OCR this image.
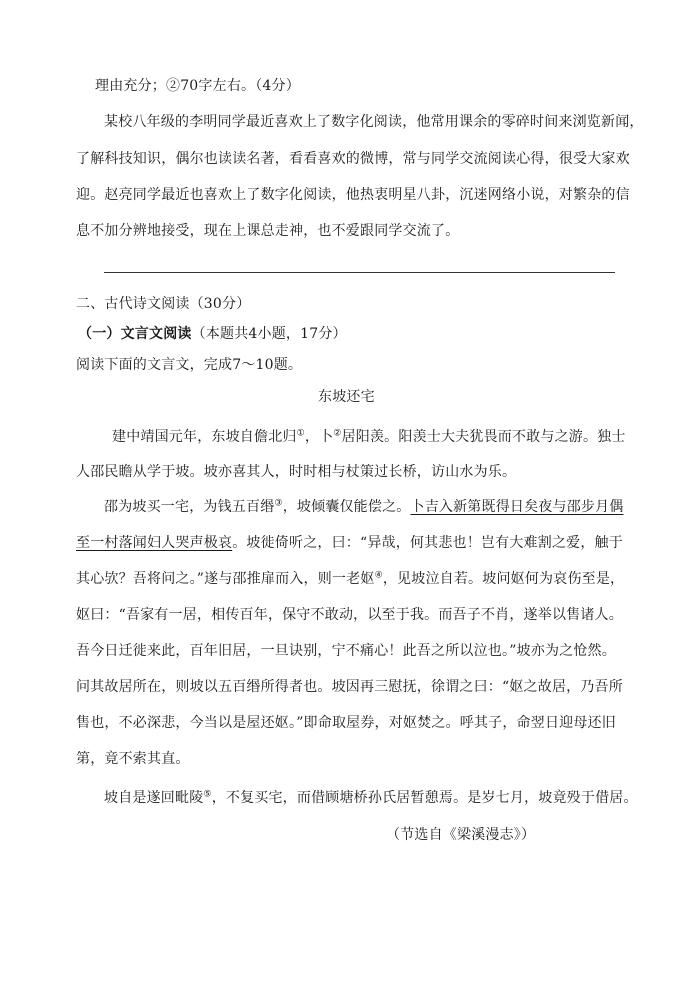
理由充分；②70字左右。（4分）
某校八年级的李明同学最近喜欢上了数字化阅读，他常用课余的零碎时间来浏览新闻，
了解科技知识，偶尔也读读名著，看看喜欢的微博，常与同学交流阅读心得，很受大家欢
迎。赵亮同学最近也喜欢上了数字化阅读，他热衷明星八卦，沉迷网络小说，对繁杂的信
息不加分辨地接受，现在上课总走神，也不爱跟同学交流了。
二、古代诗文阅读（30分）
（一）文言文阅读（本题共4小题，17分）
阅读下面的文言文，完成7～10题。
东坡还宅
建中靖国元年，东坡自儋北归①，卜②居阳羡。阳羡士大夫犹畏而不敢与之游。独士
人邵民瞻从学于坡。坡亦喜其人，时时相与杖策过长桥，访山水为乐。
邵为坡买一宅，为钱五百缗③，坡倾囊仅能偿之。卜吉入新第既得日矣夜与邵步月偶
至一村落闻妇人哭声极哀。坡徙倚听之，曰：“异哉，何其悲也！岂有大难割之爱，触于
其心欤？吾将问之。”遂与邵推扉而入，则一老妪④，见坡泣自若。坡问妪何为哀伤至是，
妪曰：“吾家有一居，相传百年，保守不敢动，以至于我。而吾子不肖，遂举以售诸人。
吾今日迁徙来此，百年旧居，一旦诀别，宁不痛心！此吾之所以泣也。”坡亦为之怆然。
问其故居所在，则坡以五百缗所得者也。坡因再三慰抚，徐谓之曰：“妪之故居，乃吾所
售也，不必深悲，今当以是屋还妪。”即命取屋券，对妪焚之。呼其子，命翌日迎母还旧
第，竟不索其直。
坡自是遂回毗陵⑤，不复买宅，而借顾塘桥孙氏居暂憩焉。是岁七月，坡竟殁于借居。
（节选自《梁溪漫志》）
